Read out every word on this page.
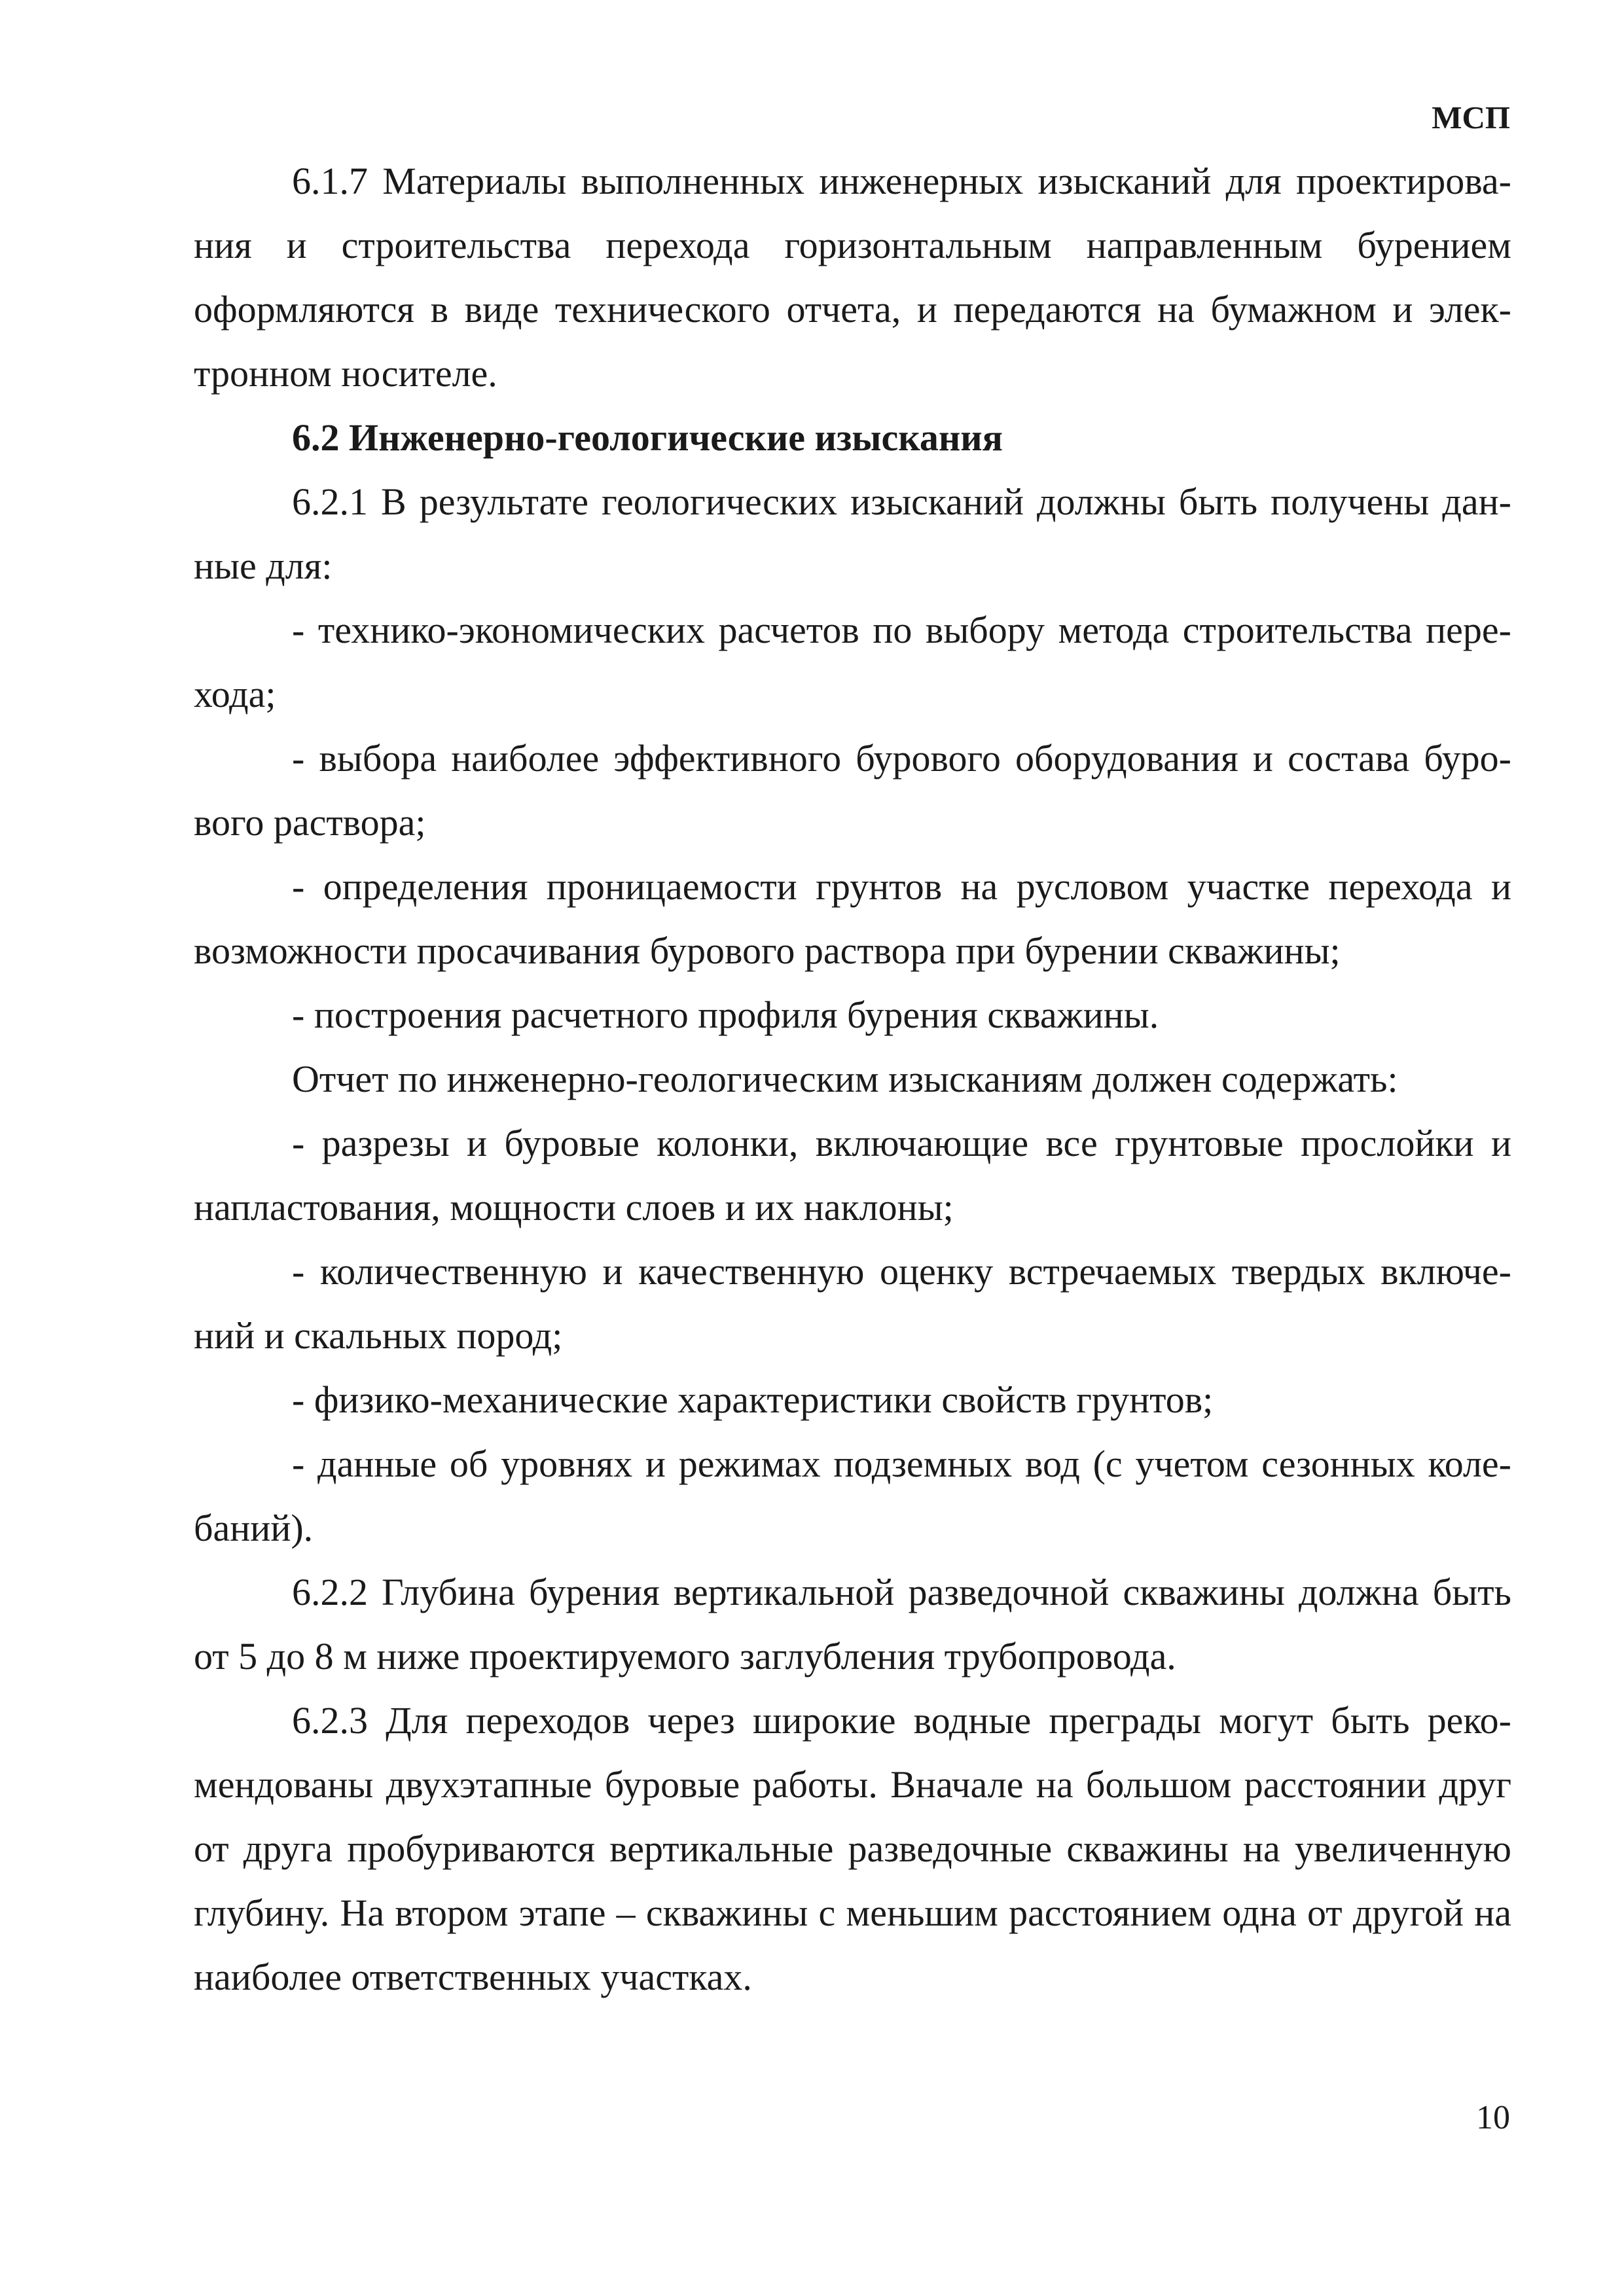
МСП

6.1.7 Материалы выполненных инженерных изысканий для проектирования и строительства перехода горизонтальным направленным бурением оформляются в виде технического отчета, и передаются на бумажном и электронном носителе.

6.2 Инженерно-геологические изыскания

6.2.1 В результате геологических изысканий должны быть получены данные для:

- технико-экономических расчетов по выбору метода строительства перехода;

- выбора наиболее эффективного бурового оборудования и состава бурового раствора;

- определения проницаемости грунтов на русловом участке перехода и возможности просачивания бурового раствора при бурении скважины;

- построения расчетного профиля бурения скважины.

Отчет по инженерно-геологическим изысканиям должен содержать:

- разрезы и буровые колонки, включающие все грунтовые прослойки и напластования, мощности слоев и их наклоны;

- количественную и качественную оценку встречаемых твердых включений и скальных пород;

- физико-механические характеристики свойств грунтов;

- данные об уровнях и режимах подземных вод (с учетом сезонных колебаний).

6.2.2 Глубина бурения вертикальной разведочной скважины должна быть от 5 до 8 м ниже проектируемого заглубления трубопровода.

6.2.3 Для переходов через широкие водные преграды могут быть рекомендованы двухэтапные буровые работы. Вначале на большом расстоянии друг от друга пробуриваются вертикальные разведочные скважины на увеличенную глубину. На втором этапе – скважины с меньшим расстоянием одна от другой на наиболее ответственных участках.

10
